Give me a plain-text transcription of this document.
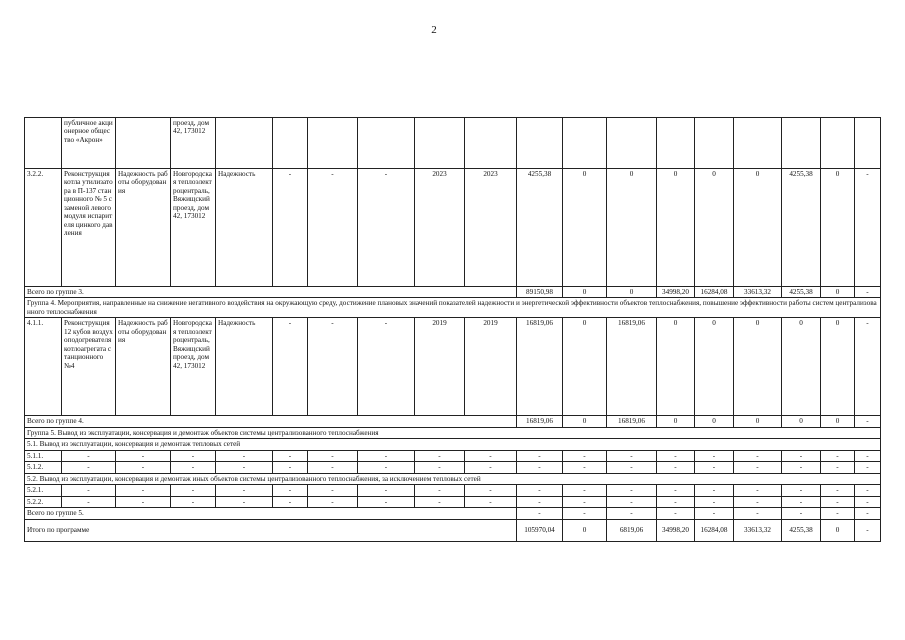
2
	публичное акционерное общество «Акрон»		проезд, дом 42, 173012															
3.2.2.	Реконструкция котла утилизатора в П-137 станционного № 5 с заменой левого модуля испарителя цинкого давления	Надежность работы оборудования	Новгородская теплоэлектроцентраль, Вяжищский проезд, дом 42, 173012	Надежность	-	-	-	2023	2023	4255,38	0	0	0	0	0	4255,38	0	-
Всего по группе 3.										89150,98	0	0	34998,20	16284,08	33613,32	4255,38	0	-
Группа 4. Мероприятия, направленные на снижение негативного воздействия на окружающую среду, достижение плановых значений показателей надежности и энергетической эффективности объектов теплоснабжения, повышение эффективности работы систем централизованного теплоснабжения																		
4.1.1.	Реконструкция 12 кубов воздухоподогревателя котлоагрегата станционного №4	Надежность работы оборудования	Новгородская теплоэлектроцентраль, Вяжищский проезд, дом 42, 173012	Надежность	-	-	-	2019	2019	16819,06	0	16819,06	0	0	0	0	0	-
Всего по группе 4.										16819,06	0	16819,06	0	0	0	0	0	-
Группа 5. Вывод из эксплуатации, консервация и демонтаж объектов системы централизованного теплоснабжения																		
5.1. Вывод из эксплуатации, консервация и демонтаж тепловых сетей																		
5.1.1.	-	-	-	-	-	-	-	-	-	-	-	-	-	-	-	-	-	-
5.1.2.	-	-	-	-	-	-	-	-	-	-	-	-	-	-	-	-	-	-
5.2. Вывод из эксплуатации, консервация и демонтаж иных объектов системы централизованного теплоснабжения, за исключением тепловых сетей																		
5.2.1.	-	-	-	-	-	-	-	-	-	-	-	-	-	-	-	-	-	-
5.2.2.	-	-	-	-	-	-	-	-	-	-	-	-	-	-	-	-	-	-
Всего по группе 5.										-	-	-	-	-	-	-	-	-
Итого по программе										105970,04	0	6819,06	34998,20	16284,08	33613,32	4255,38	0	-
